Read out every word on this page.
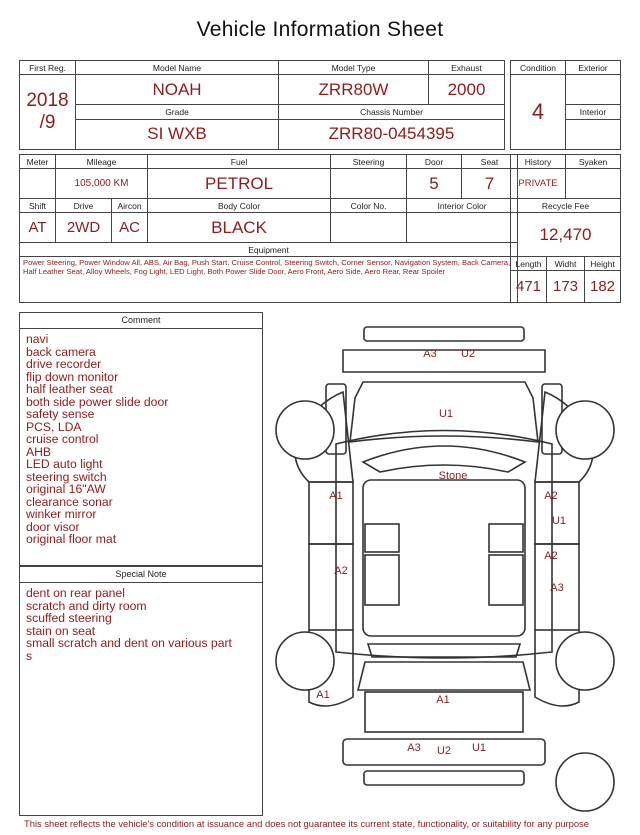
Vehicle Information Sheet
First Reg.	Model Name	Model Type	Exhaust

2018
/9	NOAH	ZRR80W	2000
	Grade	Chassis Number	
	SI WXB	ZRR80-0454395	
Condition	Exterior
4	
	Interior

Meter	Mileage		Fuel	Steering	Door	Seat
	105,000 KM		PETROL		5	7
Shift	Drive	Aircon	Body Color	Color No.	Interior Color	
AT	2WD	AC	BLACK			
Equipment						
Power Steering, Power Window All, ABS, Air Bag, Push Start, Cruise Control, Steering Switch, Corner Sensor, Navigation System, Back Camera, Half Leather Seat, Alloy Wheels, Fog Light, LED Light, Both Power Slide Door, Aero Front, Aero Side, Aero Rear, Rear Spoiler						
History		Syaken	
PRIVATE			
Recycle Fee			
12,470			
Length	Widht		Height
471	173		182
Comment
navi
back camera
drive recorder
flip down monitor
half leather seat
both side power slide door
safety sense
PCS, LDA
cruise control
AHB
LED auto light
steering switch
original 16"AW
clearance sonar
winker mirror
door visor
original floor mat
Special Note
dent on rear panel
scratch and dirty room
scuffed steering
stain on seat
small scratch and dent on various part
s
A3 U2
U1
Stone
A1
A2
A1
A2
U1
A2
A3
A1
A3 U2 U1
This sheet reflects the vehicle's condition at issuance and does not guarantee its current state, functionality, or suitability for any purpose
